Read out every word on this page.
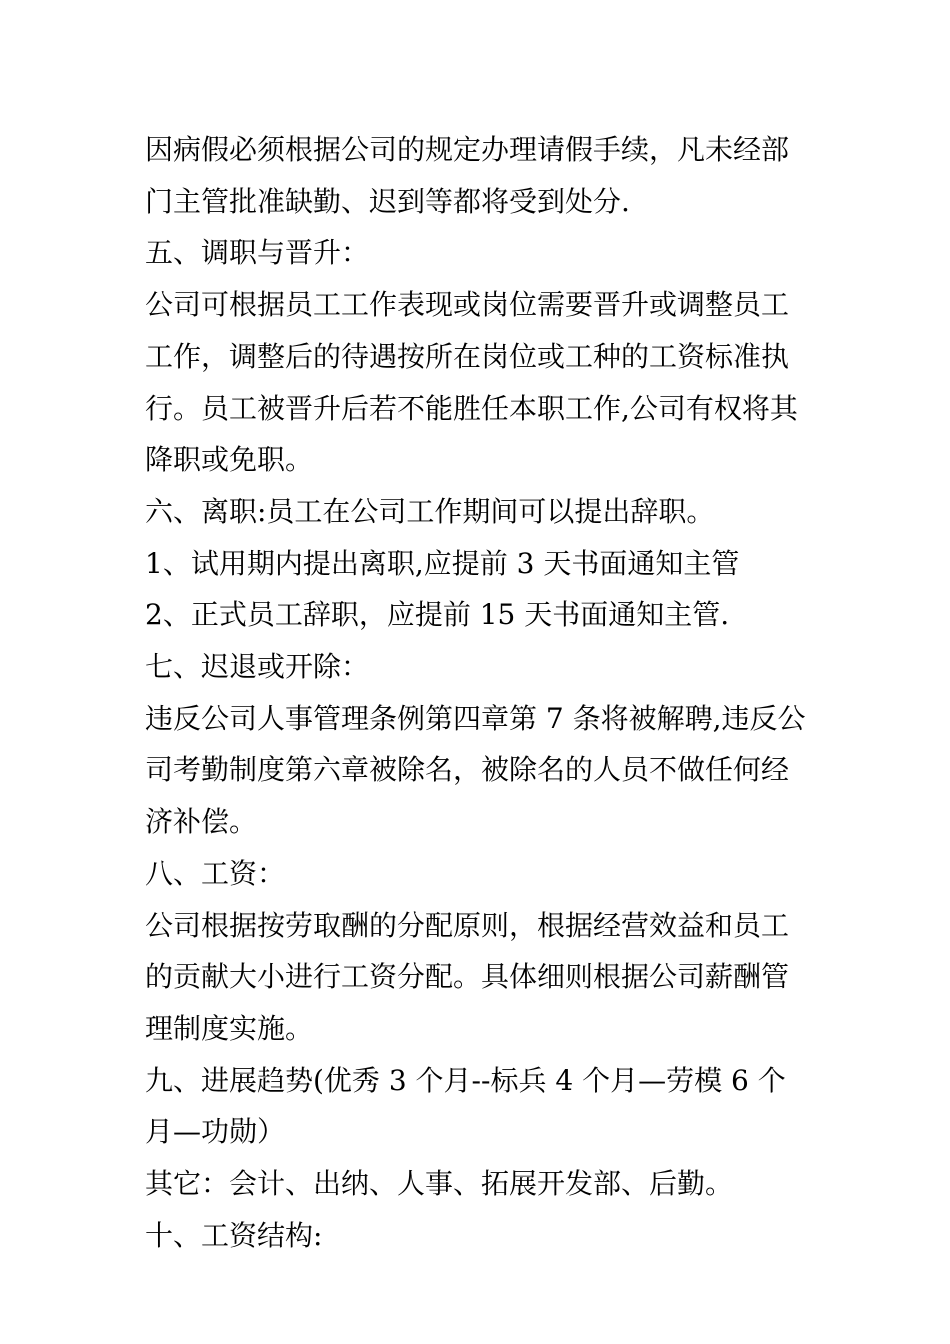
因病假必须根据公司的规定办理请假手续，凡未经部门主管批准缺勤、迟到等都将受到处分.

五、调职与晋升：

公司可根据员工工作表现或岗位需要晋升或调整员工工作，调整后的待遇按所在岗位或工种的工资标准执行。员工被晋升后若不能胜任本职工作,公司有权将其降职或免职。

六、离职:员工在公司工作期间可以提出辞职。

1、试用期内提出离职,应提前 3 天书面通知主管

2、正式员工辞职，应提前 15 天书面通知主管.

七、迟退或开除：

违反公司人事管理条例第四章第 7 条将被解聘,违反公司考勤制度第六章被除名，被除名的人员不做任何经济补偿。

八、工资：

公司根据按劳取酬的分配原则，根据经营效益和员工的贡献大小进行工资分配。具体细则根据公司薪酬管理制度实施。

九、进展趋势(优秀 3 个月--标兵 4 个月—劳模 6 个月—功勋）

其它：会计、出纳、人事、拓展开发部、后勤。

十、工资结构:
